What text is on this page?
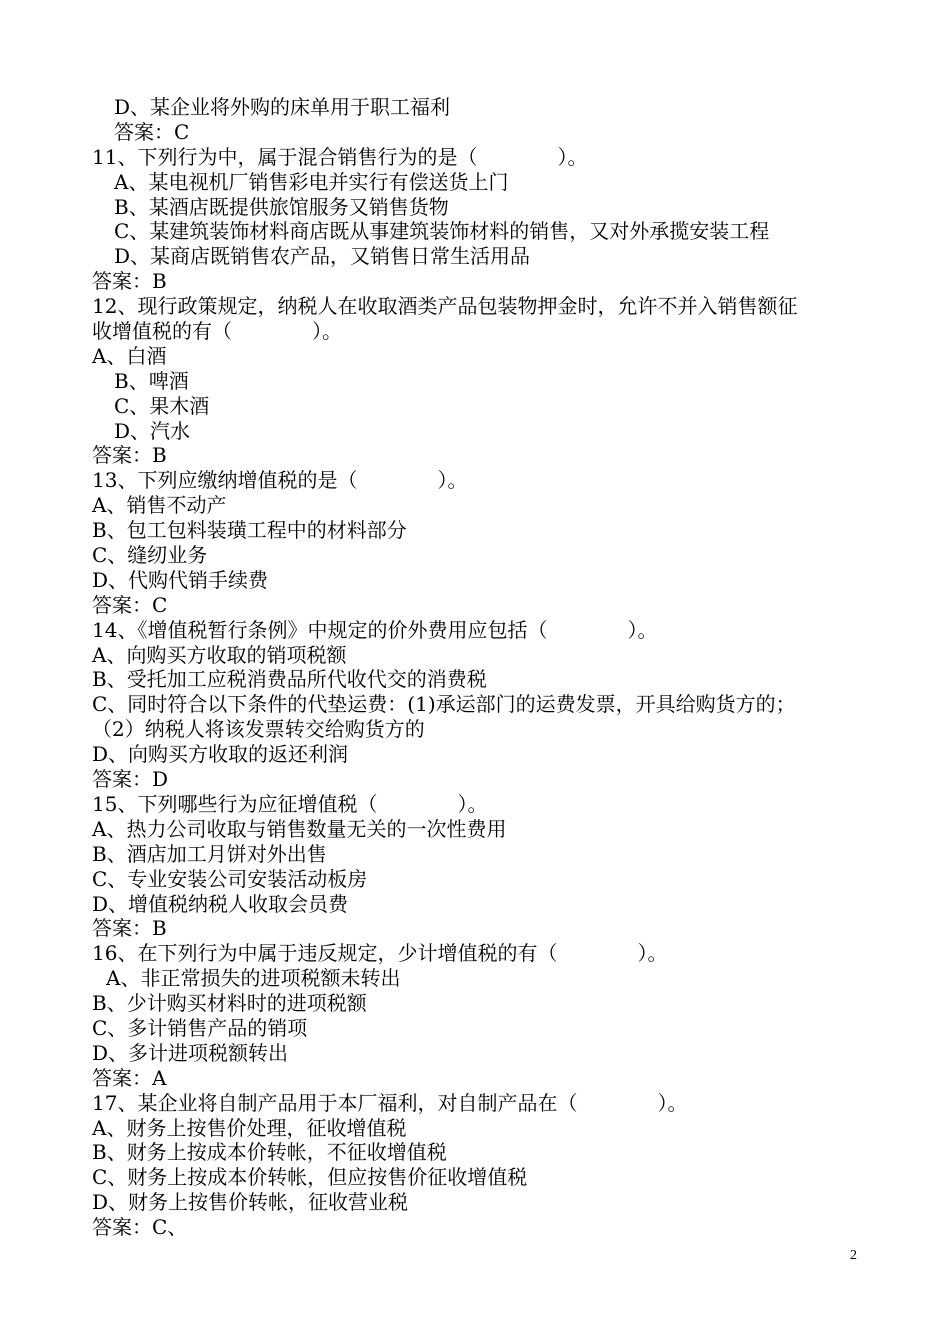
D、某企业将外购的床单用于职工福利
答案：C
11、下列行为中，属于混合销售行为的是（　　　　）。
A、某电视机厂销售彩电并实行有偿送货上门
B、某酒店既提供旅馆服务又销售货物
C、某建筑装饰材料商店既从事建筑装饰材料的销售，又对外承揽安装工程
D、某商店既销售农产品，又销售日常生活用品
答案：B
12、现行政策规定，纳税人在收取酒类产品包装物押金时，允许不并入销售额征
收增值税的有（　　　　）。
A、白酒
B、啤酒
C、果木酒
D、汽水
答案：B
13、下列应缴纳增值税的是（　　　　）。
A、销售不动产
B、包工包料装璜工程中的材料部分
C、缝纫业务
D、代购代销手续费
答案：C
14、《增值税暂行条例》中规定的价外费用应包括（　　　　）。
A、向购买方收取的销项税额
B、受托加工应税消费品所代收代交的消费税
C、同时符合以下条件的代垫运费：(1)承运部门的运费发票，开具给购货方的；
（2）纳税人将该发票转交给购货方的
D、向购买方收取的返还利润
答案：D
15、下列哪些行为应征增值税（　　　　）。
A、热力公司收取与销售数量无关的一次性费用
B、酒店加工月饼对外出售
C、专业安装公司安装活动板房
D、增值税纳税人收取会员费
答案：B
16、在下列行为中属于违反规定，少计增值税的有（　　　　）。
A、非正常损失的进项税额未转出
B、少计购买材料时的进项税额
C、多计销售产品的销项
D、多计进项税额转出
答案：A
17、某企业将自制产品用于本厂福利，对自制产品在（　　　　）。
A、财务上按售价处理，征收增值税
B、财务上按成本价转帐，不征收增值税
C、财务上按成本价转帐，但应按售价征收增值税
D、财务上按售价转帐，征收营业税
答案：C、
2
